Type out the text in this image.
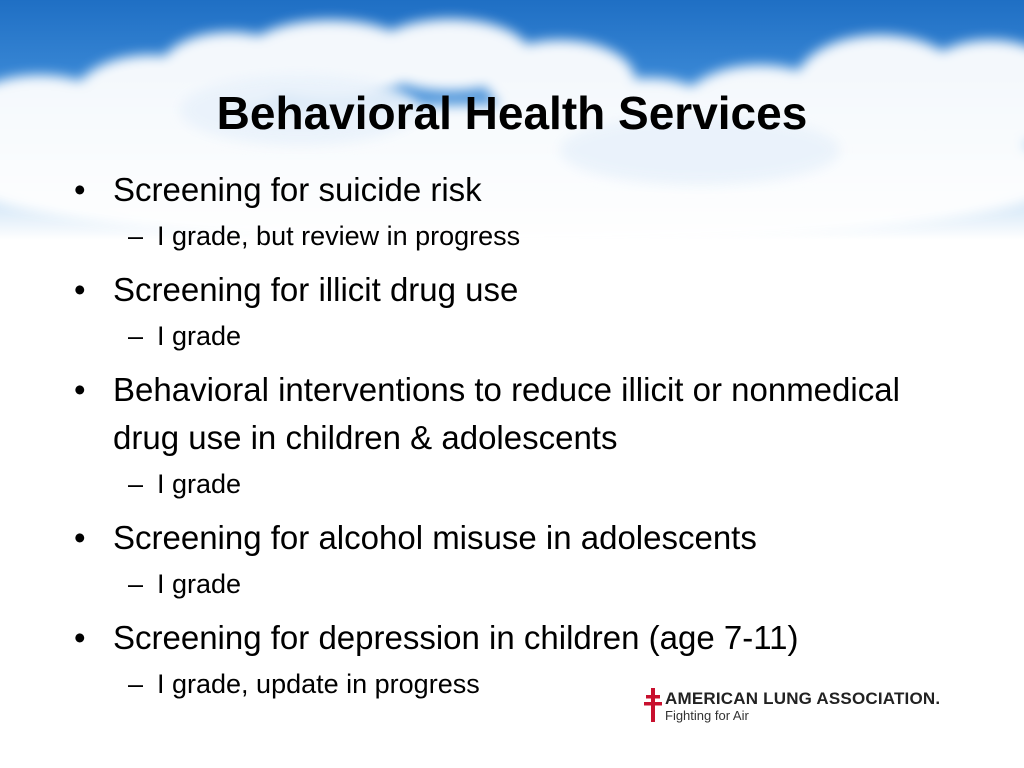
Behavioral Health Services
• Screening for suicide risk
– I grade, but review in progress
• Screening for illicit drug use
– I grade
• Behavioral interventions to reduce illicit or nonmedical drug use in children & adolescents
– I grade
• Screening for alcohol misuse in adolescents
– I grade
• Screening for depression in children (age 7-11)
– I grade, update in progress	AMERICAN LUNG ASSOCIATION.
Fighting for Air
